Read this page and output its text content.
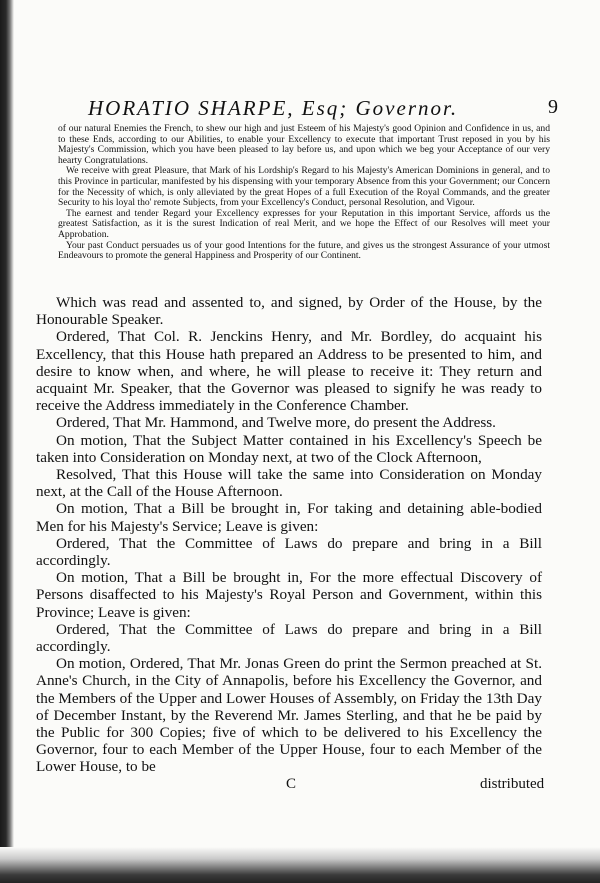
HORATIO SHARPE, Esq; Governor.	9

of our natural Enemies the French, to shew our high and just Esteem of his Majesty's good Opinion and Confidence in us, and to these Ends, according to our Abilities, to enable your Excellency to execute that important Trust reposed in you by his Majesty's Commission, which you have been pleased to lay before us, and upon which we beg your Acceptance of our very hearty Congratulations.

We receive with great Pleasure, that Mark of his Lordship's Regard to his Majesty's American Dominions in general, and to this Province in particular, manifested by his dispensing with your temporary Absence from this your Government; our Concern for the Necessity of which, is only alleviated by the great Hopes of a full Execution of the Royal Commands, and the greater Security to his loyal tho' remote Subjects, from your Excellency's Conduct, personal Resolution, and Vigour.

The earnest and tender Regard your Excellency expresses for your Reputation in this important Service, affords us the greatest Satisfaction, as it is the surest Indication of real Merit, and we hope the Effect of our Resolves will meet your Approbation.

Your past Conduct persuades us of your good Intentions for the future, and gives us the strongest Assurance of your utmost Endeavours to promote the general Happiness and Prosperity of our Continent.

Which was read and assented to, and signed, by Order of the House, by the Honourable Speaker.

Ordered, That Col. R. Jenckins Henry, and Mr. Bordley, do acquaint his Excellency, that this House hath prepared an Address to be presented to him, and desire to know when, and where, he will please to receive it: They return and acquaint Mr. Speaker, that the Governor was pleased to signify he was ready to receive the Address immediately in the Conference Chamber.

Ordered, That Mr. Hammond, and Twelve more, do present the Address.

On motion, That the Subject Matter contained in his Excellency's Speech be taken into Consideration on Monday next, at two of the Clock Afternoon,

Resolved, That this House will take the same into Consideration on Monday next, at the Call of the House Afternoon.

On motion, That a Bill be brought in, For taking and detaining able-bodied Men for his Majesty's Service; Leave is given:

Ordered, That the Committee of Laws do prepare and bring in a Bill accordingly.

On motion, That a Bill be brought in, For the more effectual Discovery of Persons disaffected to his Majesty's Royal Person and Government, within this Province; Leave is given:

Ordered, That the Committee of Laws do prepare and bring in a Bill accordingly.

On motion, Ordered, That Mr. Jonas Green do print the Sermon preached at St. Anne's Church, in the City of Annapolis, before his Excellency the Governor, and the Members of the Upper and Lower Houses of Assembly, on Friday the 13th Day of December Instant, by the Reverend Mr. James Sterling, and that he be paid by the Public for 300 Copies; five of which to be delivered to his Excellency the Governor, four to each Member of the Upper House, four to each Member of the Lower House, to be

C	distributed
